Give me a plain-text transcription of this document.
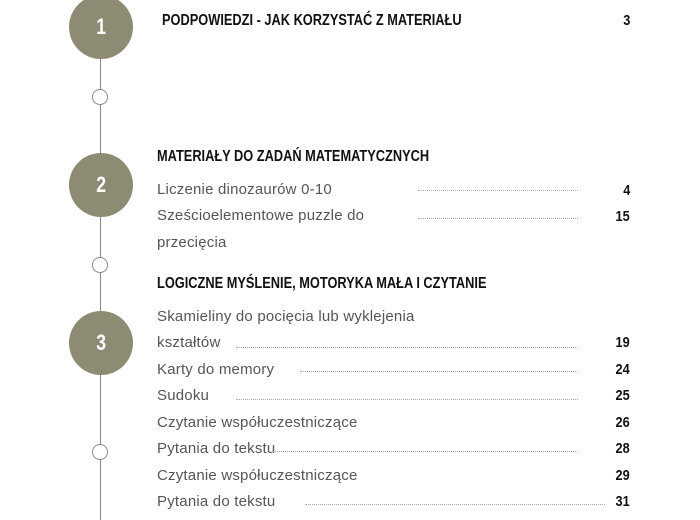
1
2
3
PODPOWIEDZI - JAK KORZYSTAĆ Z MATERIAŁU	3
MATERIAŁY DO ZADAŃ MATEMATYCZNYCH
Liczenie dinozaurów 0-10	4
Sześcioelementowe puzzle do	15
przecięcia
LOGICZNE MYŚLENIE, MOTORYKA MAŁA I CZYTANIE
Skamieliny do pocięcia lub wyklejenia
kształtów	19
Karty do memory	24
Sudoku	25
Czytanie współuczestniczące	26
Pytania do tekstu	28
Czytanie współuczestniczące	29
Pytania do tekstu	31
